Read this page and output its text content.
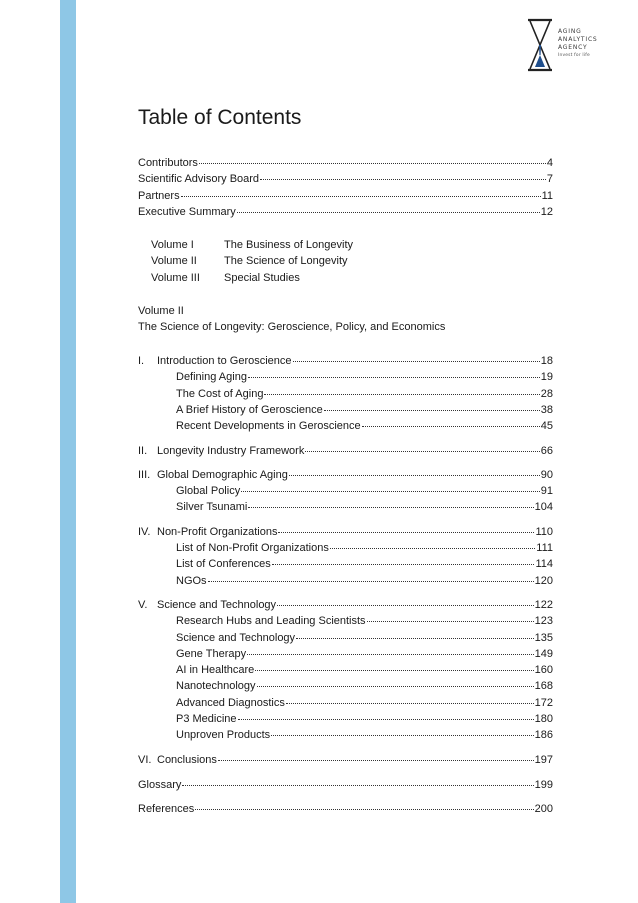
AGING
ANALYTICS
AGENCY
Invest for life
Table of Contents
Contributors	4
Scientific Advisory Board	7
Partners	11
Executive Summary	12
Volume I	The Business of Longevity
Volume II The Science of Longevity
Volume III Special Studies
Volume II
The Science of Longevity: Geroscience, Policy, and Economics
I. Introduction to Geroscience	18
Defining Aging	19
The Cost of Aging	28
A Brief History of Geroscience	38
Recent Developments in Geroscience	45
II. Longevity Industry Framework	66
III. Global Demographic Aging	90
Global Policy	91
Silver Tsunami	104
IV. Non-Profit Organizations	110
List of Non-Profit Organizations	111
List of Conferences	114
NGOs	120
V. Science and Technology	122
Research Hubs and Leading Scientists	123
Science and Technology	135
Gene Therapy	149
AI in Healthcare	160
Nanotechnology	168
Advanced Diagnostics	172
P3 Medicine	180
Unproven Products	186
VI. Conclusions	197
Glossary	199
References	200
